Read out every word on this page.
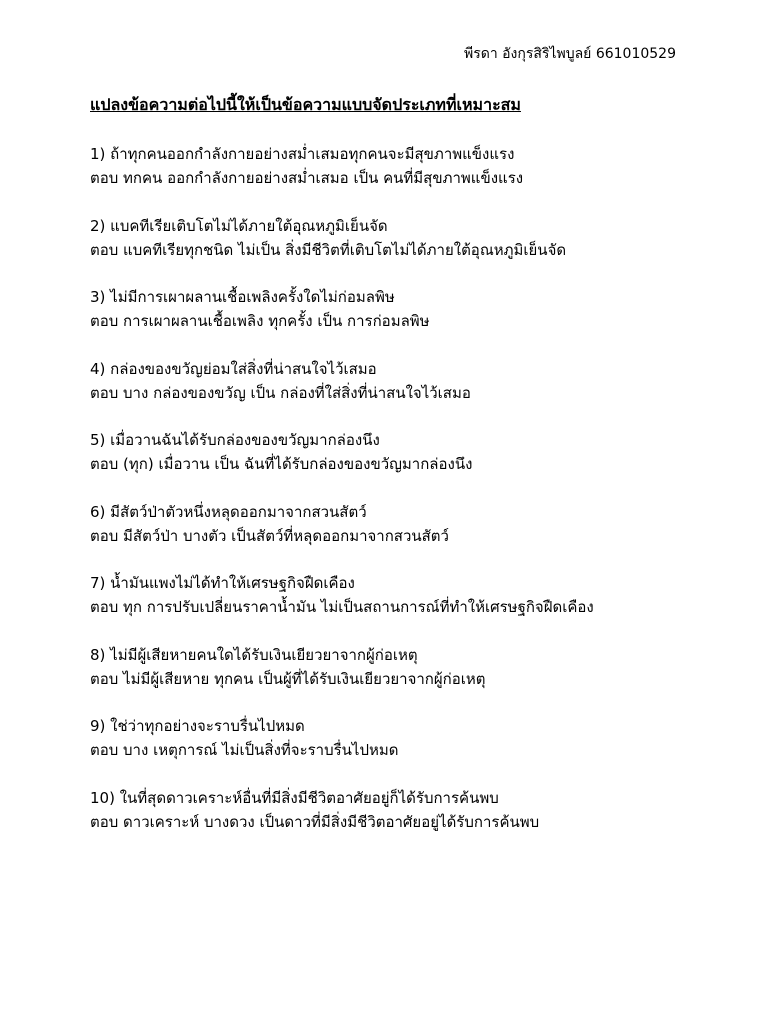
พีรดา อังกุรสิริไพบูลย์ 661010529
แปลงข้อความต่อไปนี้ให้เป็นข้อความแบบจัดประเภทที่เหมาะสม
1) ถ้าทุกคนออกกำลังกายอย่างสม่ำเสมอทุกคนจะมีสุขภาพแข็งแรง
ตอบ ทกคน ออกกำลังกายอย่างสม่ำเสมอ เป็น คนที่มีสุขภาพแข็งแรง
2) แบคทีเรียเติบโตไม่ได้ภายใต้อุณหภูมิเย็นจัด
ตอบ แบคทีเรียทุกชนิด ไม่เป็น สิ่งมีชีวิตที่เติบโตไม่ได้ภายใต้อุณหภูมิเย็นจัด
3) ไม่มีการเผาผลานเชื้อเพลิงครั้งใดไม่ก่อมลพิษ
ตอบ การเผาผลานเชื้อเพลิง ทุกครั้ง เป็น การก่อมลพิษ
4) กล่องของขวัญย่อมใส่สิ่งที่น่าสนใจไว้เสมอ
ตอบ บาง กล่องของขวัญ เป็น กล่องที่ใส่สิ่งที่น่าสนใจไว้เสมอ
5) เมื่อวานฉันได้รับกล่องของขวัญมากล่องนึง
ตอบ (ทุก) เมื่อวาน เป็น ฉันที่ได้รับกล่องของขวัญมากล่องนึง
6) มีสัตว์ป่าตัวหนึ่งหลุดออกมาจากสวนสัตว์
ตอบ มีสัตว์ป่า บางตัว เป็นสัตว์ที่หลุดออกมาจากสวนสัตว์
7) น้ำมันแพงไม่ได้ทำให้เศรษฐกิจฝืดเคือง
ตอบ ทุก การปรับเปลี่ยนราคาน้ำมัน ไม่เป็นสถานการณ์ที่ทำให้เศรษฐกิจฝืดเคือง
8) ไม่มีผู้เสียหายคนใดได้รับเงินเยียวยาจากผู้ก่อเหตุ
ตอบ ไม่มีผู้เสียหาย ทุกคน เป็นผู้ที่ได้รับเงินเยียวยาจากผู้ก่อเหตุ
9) ใช่ว่าทุกอย่างจะราบรื่นไปหมด
ตอบ บาง เหตุการณ์ ไม่เป็นสิ่งที่จะราบรื่นไปหมด
10) ในที่สุดดาวเคราะห์อื่นที่มีสิ่งมีชีวิตอาศัยอยู่ก็ได้รับการค้นพบ
ตอบ ดาวเคราะห์ บางดวง เป็นดาวที่มีสิ่งมีชีวิตอาศัยอยู่ได้รับการค้นพบ
